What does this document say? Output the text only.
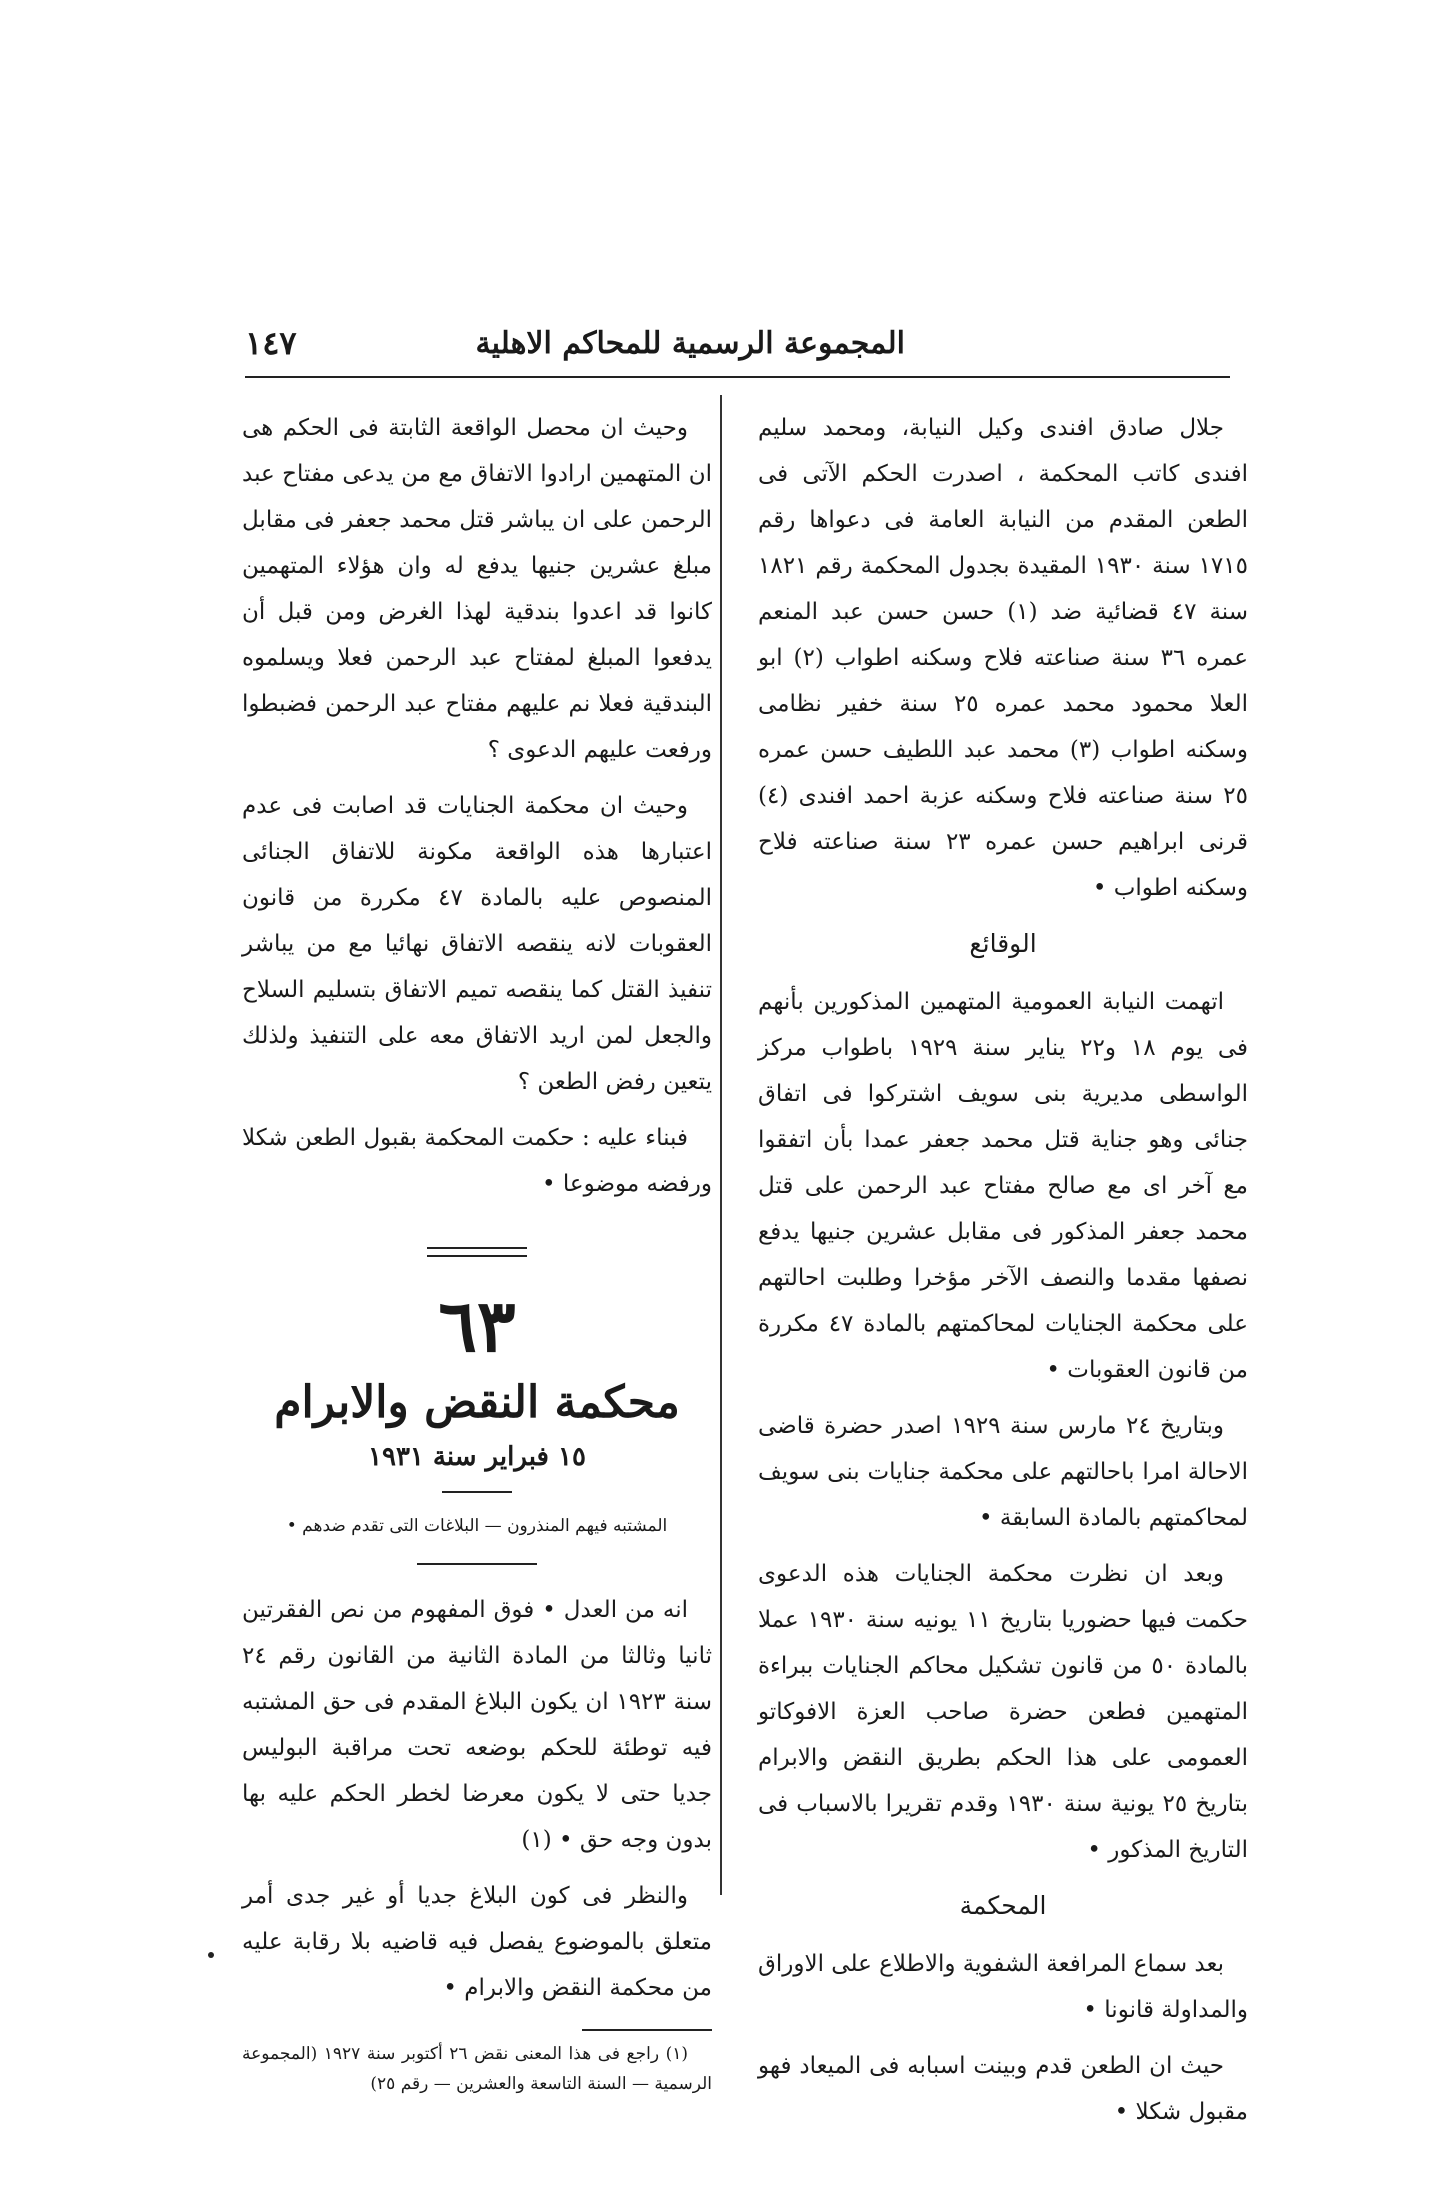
المجموعة الرسمية للمحاكم الاهلية
١٤٧

جلال صادق افندى وكيل النيابة، ومحمد سليم افندى كاتب المحكمة ، اصدرت الحكم الآتى فى الطعن المقدم من النيابة العامة فى دعواها رقم ١٧١٥ سنة ١٩٣٠ المقيدة بجدول المحكمة رقم ١٨٢١ سنة ٤٧ قضائية ضد (١) حسن حسن عبد المنعم عمره ٣٦ سنة صناعته فلاح وسكنه اطواب (٢) ابو العلا محمود محمد عمره ٢٥ سنة خفير نظامى وسكنه اطواب (٣) محمد عبد اللطيف حسن عمره ٢٥ سنة صناعته فلاح وسكنه عزبة احمد افندى (٤) قرنى ابراهيم حسن عمره ٢٣ سنة صناعته فلاح وسكنه اطواب •

الوقائع

اتهمت النيابة العمومية المتهمين المذكورين بأنهم فى يوم ١٨ و٢٢ يناير سنة ١٩٢٩ باطواب مركز الواسطى مديرية بنى سويف اشتركوا فى اتفاق جنائى وهو جناية قتل محمد جعفر عمدا بأن اتفقوا مع آخر اى مع صالح مفتاح عبد الرحمن على قتل محمد جعفر المذكور فى مقابل عشرين جنيها يدفع نصفها مقدما والنصف الآخر مؤخرا وطلبت احالتهم على محكمة الجنايات لمحاكمتهم بالمادة ٤٧ مكررة من قانون العقوبات •

وبتاريخ ٢٤ مارس سنة ١٩٢٩ اصدر حضرة قاضى الاحالة امرا باحالتهم على محكمة جنايات بنى سويف لمحاكمتهم بالمادة السابقة •

وبعد ان نظرت محكمة الجنايات هذه الدعوى حكمت فيها حضوريا بتاريخ ١١ يونيه سنة ١٩٣٠ عملا بالمادة ٥٠ من قانون تشكيل محاكم الجنايات ببراءة المتهمين فطعن حضرة صاحب العزة الافوكاتو العمومى على هذا الحكم بطريق النقض والابرام بتاريخ ٢٥ يونية سنة ١٩٣٠ وقدم تقريرا بالاسباب فى التاريخ المذكور •

المحكمة

بعد سماع المرافعة الشفوية والاطلاع على الاوراق والمداولة قانونا •

حيث ان الطعن قدم وبينت اسبابه فى الميعاد فهو مقبول شكلا •

وحيث ان محصل الواقعة الثابتة فى الحكم هى ان المتهمين ارادوا الاتفاق مع من يدعى مفتاح عبد الرحمن على ان يباشر قتل محمد جعفر فى مقابل مبلغ عشرين جنيها يدفع له وان هؤلاء المتهمين كانوا قد اعدوا بندقية لهذا الغرض ومن قبل أن يدفعوا المبلغ لمفتاح عبد الرحمن فعلا ويسلموه البندقية فعلا نم عليهم مفتاح عبد الرحمن فضبطوا ورفعت عليهم الدعوى ؟

وحيث ان محكمة الجنايات قد اصابت فى عدم اعتبارها هذه الواقعة مكونة للاتفاق الجنائى المنصوص عليه بالمادة ٤٧ مكررة من قانون العقوبات لانه ينقصه الاتفاق نهائيا مع من يباشر تنفيذ القتل كما ينقصه تميم الاتفاق بتسليم السلاح والجعل لمن اريد الاتفاق معه على التنفيذ ولذلك يتعين رفض الطعن ؟

فبناء عليه : حكمت المحكمة بقبول الطعن شكلا ورفضه موضوعا •

٦٣
محكمة النقض والابرام
١٥ فبراير سنة ١٩٣١
المشتبه فيهم المنذرون — البلاغات التى تقدم ضدهم •

انه من العدل • فوق المفهوم من نص الفقرتين ثانيا وثالثا من المادة الثانية من القانون رقم ٢٤ سنة ١٩٢٣ ان يكون البلاغ المقدم فى حق المشتبه فيه توطئة للحكم بوضعه تحت مراقبة البوليس جديا حتى لا يكون معرضا لخطر الحكم عليه بها بدون وجه حق • (١)

والنظر فى كون البلاغ جديا أو غير جدى أمر متعلق بالموضوع يفصل فيه قاضيه بلا رقابة عليه من محكمة النقض والابرام •

(١) راجع فى هذا المعنى نقض ٢٦ أكتوبر سنة ١٩٢٧ (المجموعة الرسمية — السنة التاسعة والعشرين — رقم ٢٥)
